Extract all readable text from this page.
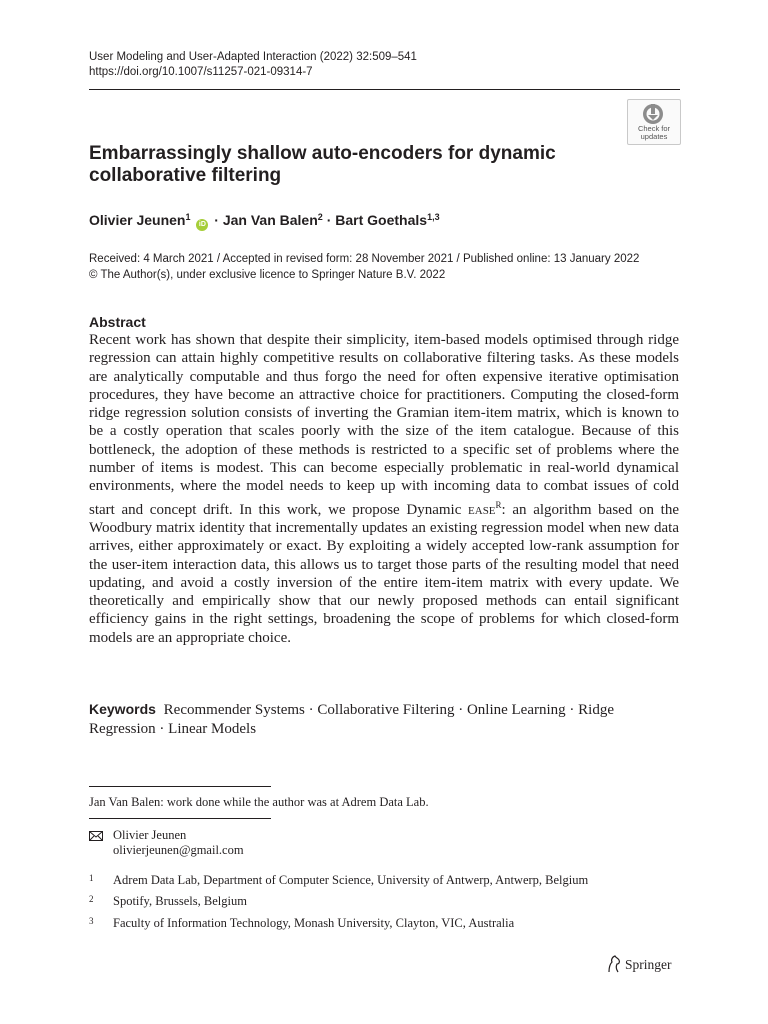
User Modeling and User-Adapted Interaction (2022) 32:509–541
https://doi.org/10.1007/s11257-021-09314-7
Check for
updates
Embarrassingly shallow auto-encoders for dynamic collaborative filtering
Olivier Jeunen$^1$ iD · Jan Van Balen$^2$ · Bart Goethals$^{1,3}$
Received: 4 March 2021 / Accepted in revised form: 28 November 2021 / Published online: 13 January 2022
© The Author(s), under exclusive licence to Springer Nature B.V. 2022
Abstract
Recent work has shown that despite their simplicity, item-based models optimised through ridge regression can attain highly competitive results on collaborative filtering tasks. As these models are analytically computable and thus forgo the need for often expensive iterative optimisation procedures, they have become an attractive choice for practitioners. Computing the closed-form ridge regression solution consists of inverting the Gramian item-item matrix, which is known to be a costly operation that scales poorly with the size of the item catalogue. Because of this bottleneck, the adoption of these methods is restricted to a specific set of problems where the number of items is modest. This can become especially problematic in real-world dynamical environments, where the model needs to keep up with incoming data to combat issues of cold start and concept drift. In this work, we propose Dynamic ease$^R$: an algorithm based on the Woodbury matrix identity that incrementally updates an existing regression model when new data arrives, either approximately or exact. By exploiting a widely accepted low-rank assumption for the user-item interaction data, this allows us to target those parts of the resulting model that need updating, and avoid a costly inversion of the entire item-item matrix with every update. We theoretically and empirically show that our newly proposed methods can entail significant efficiency gains in the right settings, broadening the scope of problems for which closed-form models are an appropriate choice.
Keywords Recommender Systems · Collaborative Filtering · Online Learning · Ridge Regression · Linear Models
Jan Van Balen: work done while the author was at Adrem Data Lab.
Olivier Jeunen
olivierjeunen@gmail.com
1 Adrem Data Lab, Department of Computer Science, University of Antwerp, Antwerp, Belgium
2 Spotify, Brussels, Belgium
3 Faculty of Information Technology, Monash University, Clayton, VIC, Australia
Springer
